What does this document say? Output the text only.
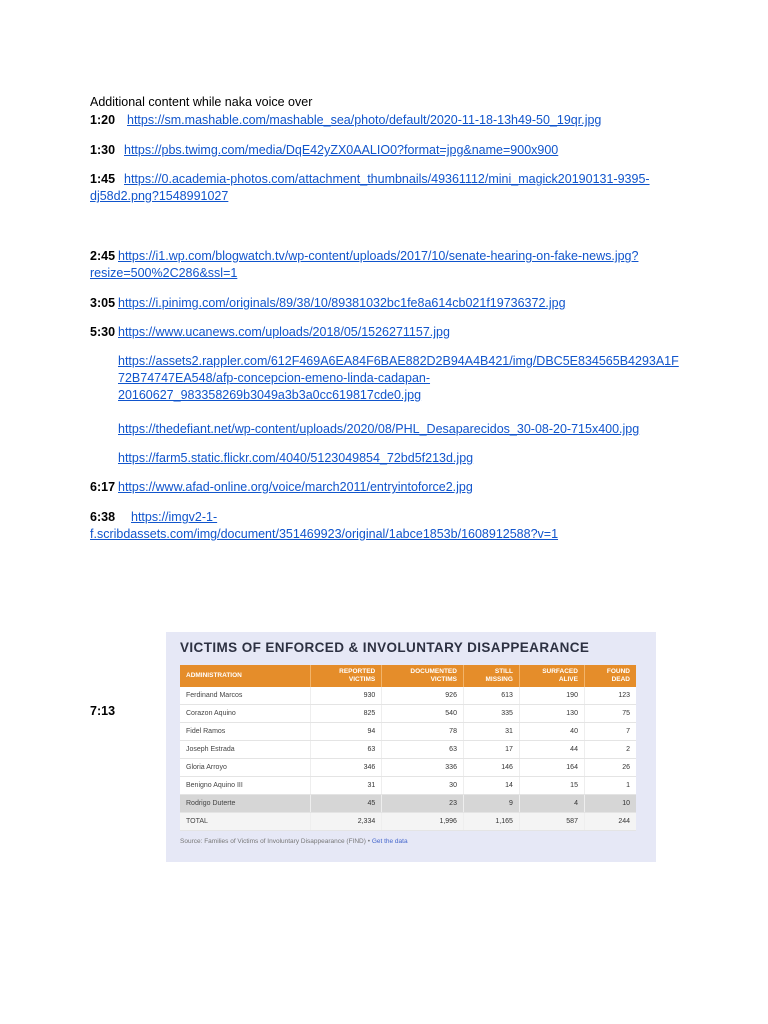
Additional content while naka voice over
1:20 https://sm.mashable.com/mashable_sea/photo/default/2020-11-18-13h49-50_19qr.jpg
1:30 https://pbs.twimg.com/media/DqE42yZX0AALIO0?format=jpg&name=900x900
1:45 https://0.academia-photos.com/attachment_thumbnails/49361112/mini_magick20190131-9395-
dj58d2.png?1548991027
2:45 https://i1.wp.com/blogwatch.tv/wp-content/uploads/2017/10/senate-hearing-on-fake-news.jpg?
resize=500%2C286&ssl=1
3:05 https://i.pinimg.com/originals/89/38/10/89381032bc1fe8a614cb021f19736372.jpg
5:30 https://www.ucanews.com/uploads/2018/05/1526271157.jpg
https://assets2.rappler.com/612F469A6EA84F6BAE882D2B94A4B421/img/DBC5E834565B4293A1F
72B74747EA548/afp-concepcion-emeno-linda-cadapan-
20160627_983358269b3049a3b3a0cc619817cde0.jpg
https://thedefiant.net/wp-content/uploads/2020/08/PHL_Desaparecidos_30-08-20-715x400.jpg
https://farm5.static.flickr.com/4040/5123049854_72bd5f213d.jpg
6:17 https://www.afad-online.org/voice/march2011/entryintoforce2.jpg
6:38 https://imgv2-1-
f.scribdassets.com/img/document/351469923/original/1abce1853b/1608912588?v=1
7:13
VICTIMS OF ENFORCED & INVOLUNTARY DISAPPEARANCE
ADMINISTRATION	REPORTED VICTIMS	DOCUMENTED VICTIMS	STILL MISSING	SURFACED ALIVE	FOUND DEAD
Ferdinand Marcos	930	926	613	190	123
Corazon Aquino	825	540	335	130	75
Fidel Ramos	94	78	31	40	7
Joseph Estrada	63	63	17	44	2
Gloria Arroyo	346	336	146	164	26
Benigno Aquino III	31	30	14	15	1
Rodrigo Duterte	45	23	9	4	10
TOTAL	2,334	1,996	1,165	587	244
Source: Families of Victims of Involuntary Disappearance (FIND) • Get the data
